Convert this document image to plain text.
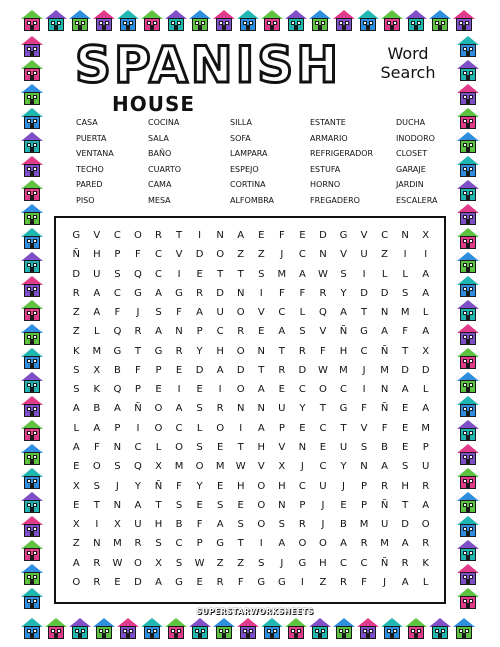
SPANISH
HOUSE
Word
Search
CASA	COCINA	SILLA	ESTANTE	DUCHA
PUERTA	SALA	SOFA	ARMARIO	INODORO
VENTANA	BAÑO	LAMPARA	REFRIGERADOR	CLOSET
TECHO	CUARTO	ESPEJO	ESTUFA	GARAJE
PARED	CAMA	CORTINA	HORNO	JARDIN
PISO	MESA	ALFOMBRA	FREGADERO	ESCALERA
G	V	C	O	R	T	I	N	A	E	F	E	D	G	V	C	N	X
Ñ	H	P	F	C	V	D	O	Z	Z	J	C	N	V	U	Z	I	I
D	U	S	Q	C	I	E	T	T	S	M	A	W	S	I	L	L	A
R	A	C	G	A	G	R	D	N	I	F	F	R	Y	D	D	S	A
Z	A	F	J	S	F	A	U	O	V	C	L	Q	A	T	N	M	L
Z	L	Q	R	A	N	P	C	R	E	A	S	V	Ñ	G	A	F	A
K	M	G	T	G	R	Y	H	O	N	T	R	F	H	C	Ñ	T	X
S	X	B	F	P	E	D	A	D	T	R	D	W	M	J	M	D	D
S	K	Q	P	E	I	E	I	O	A	E	C	O	C	I	N	A	L
A	B	A	Ñ	O	A	S	R	N	N	U	Y	T	G	F	Ñ	E	A
L	A	P	I	O	C	L	O	I	A	P	E	C	T	V	F	E	M
A	F	N	C	L	O	S	E	T	H	V	N	E	U	S	B	E	P
E	O	S	Q	X	M	O	M	W	V	X	J	C	Y	N	A	S	U
X	S	J	Y	Ñ	F	Y	E	H	O	H	C	U	J	P	R	H	R
E	T	N	A	T	S	E	S	E	O	N	P	J	E	P	Ñ	T	A
X	I	X	U	H	B	F	A	S	O	S	R	J	B	M	U	D	O
Z	N	M	R	S	C	P	G	T	I	A	O	O	A	R	M	A	R
A	R	W	O	X	S	W	Z	Z	S	J	G	H	C	C	Ñ	R	K
O	R	E	D	A	G	E	R	F	G	G	I	Z	R	F	J	A	L
SUPERSTARWORKSHEETS
